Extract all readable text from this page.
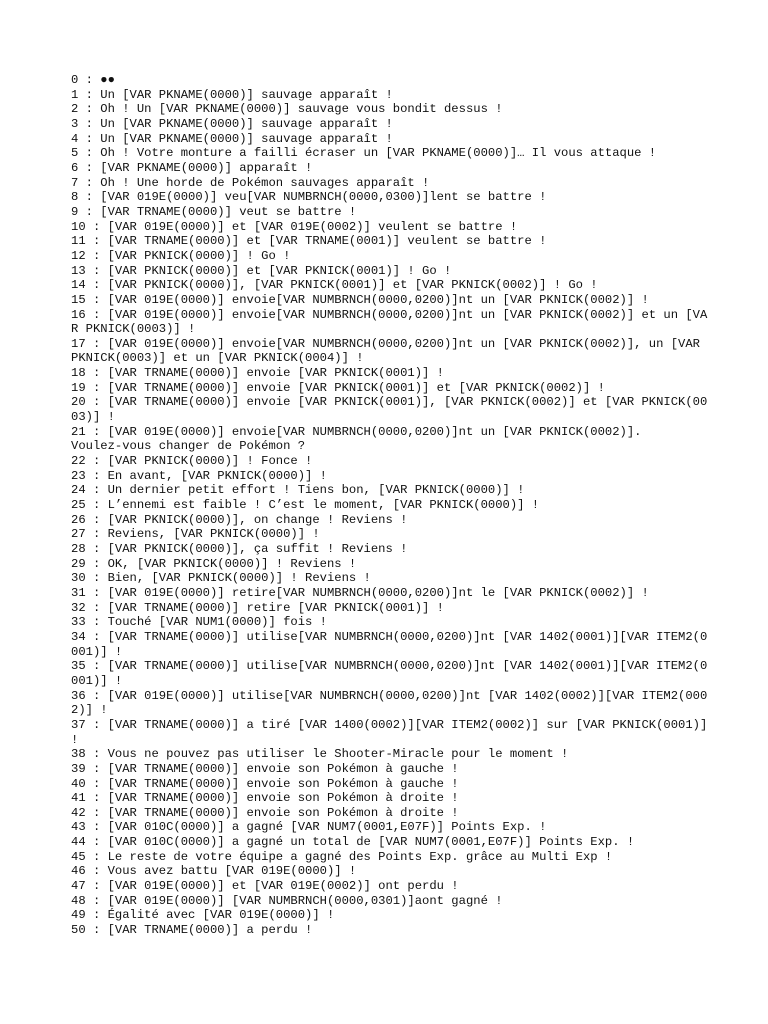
0 : ●●
1 : Un [VAR PKNAME(0000)] sauvage apparaît !
2 : Oh ! Un [VAR PKNAME(0000)] sauvage vous bondit dessus !
3 : Un [VAR PKNAME(0000)] sauvage apparaît !
4 : Un [VAR PKNAME(0000)] sauvage apparaît !
5 : Oh ! Votre monture a failli écraser un [VAR PKNAME(0000)]… Il vous attaque !
6 : [VAR PKNAME(0000)] apparaît !
7 : Oh ! Une horde de Pokémon sauvages apparaît !
8 : [VAR 019E(0000)] veu[VAR NUMBRNCH(0000,0300)]lent se battre !
9 : [VAR TRNAME(0000)] veut se battre !
10 : [VAR 019E(0000)] et [VAR 019E(0002)] veulent se battre !
11 : [VAR TRNAME(0000)] et [VAR TRNAME(0001)] veulent se battre !
12 : [VAR PKNICK(0000)] ! Go !
13 : [VAR PKNICK(0000)] et [VAR PKNICK(0001)] ! Go !
14 : [VAR PKNICK(0000)], [VAR PKNICK(0001)] et [VAR PKNICK(0002)] ! Go !
15 : [VAR 019E(0000)] envoie[VAR NUMBRNCH(0000,0200)]nt un [VAR PKNICK(0002)] !
16 : [VAR 019E(0000)] envoie[VAR NUMBRNCH(0000,0200)]nt un [VAR PKNICK(0002)] et un [VAR PKNICK(0003)] !
17 : [VAR 019E(0000)] envoie[VAR NUMBRNCH(0000,0200)]nt un [VAR PKNICK(0002)], un [VAR PKNICK(0003)] et un [VAR PKNICK(0004)] !
18 : [VAR TRNAME(0000)] envoie [VAR PKNICK(0001)] !
19 : [VAR TRNAME(0000)] envoie [VAR PKNICK(0001)] et [VAR PKNICK(0002)] !
20 : [VAR TRNAME(0000)] envoie [VAR PKNICK(0001)], [VAR PKNICK(0002)] et [VAR PKNICK(0003)] !
21 : [VAR 019E(0000)] envoie[VAR NUMBRNCH(0000,0200)]nt un [VAR PKNICK(0002)].
Voulez-vous changer de Pokémon ?
22 : [VAR PKNICK(0000)] ! Fonce !
23 : En avant, [VAR PKNICK(0000)] !
24 : Un dernier petit effort ! Tiens bon, [VAR PKNICK(0000)] !
25 : L’ennemi est faible ! C’est le moment, [VAR PKNICK(0000)] !
26 : [VAR PKNICK(0000)], on change ! Reviens !
27 : Reviens, [VAR PKNICK(0000)] !
28 : [VAR PKNICK(0000)], ça suffit ! Reviens !
29 : OK, [VAR PKNICK(0000)] ! Reviens !
30 : Bien, [VAR PKNICK(0000)] ! Reviens !
31 : [VAR 019E(0000)] retire[VAR NUMBRNCH(0000,0200)]nt le [VAR PKNICK(0002)] !
32 : [VAR TRNAME(0000)] retire [VAR PKNICK(0001)] !
33 : Touché [VAR NUM1(0000)] fois !
34 : [VAR TRNAME(0000)] utilise[VAR NUMBRNCH(0000,0200)]nt [VAR 1402(0001)][VAR ITEM2(0001)] !
35 : [VAR TRNAME(0000)] utilise[VAR NUMBRNCH(0000,0200)]nt [VAR 1402(0001)][VAR ITEM2(0001)] !
36 : [VAR 019E(0000)] utilise[VAR NUMBRNCH(0000,0200)]nt [VAR 1402(0002)][VAR ITEM2(0002)] !
37 : [VAR TRNAME(0000)] a tiré [VAR 1400(0002)][VAR ITEM2(0002)] sur [VAR PKNICK(0001)] !
38 : Vous ne pouvez pas utiliser le Shooter-Miracle pour le moment !
39 : [VAR TRNAME(0000)] envoie son Pokémon à gauche !
40 : [VAR TRNAME(0000)] envoie son Pokémon à gauche !
41 : [VAR TRNAME(0000)] envoie son Pokémon à droite !
42 : [VAR TRNAME(0000)] envoie son Pokémon à droite !
43 : [VAR 010C(0000)] a gagné [VAR NUM7(0001,E07F)] Points Exp. !
44 : [VAR 010C(0000)] a gagné un total de [VAR NUM7(0001,E07F)] Points Exp. !
45 : Le reste de votre équipe a gagné des Points Exp. grâce au Multi Exp !
46 : Vous avez battu [VAR 019E(0000)] !
47 : [VAR 019E(0000)] et [VAR 019E(0002)] ont perdu !
48 : [VAR 019E(0000)] [VAR NUMBRNCH(0000,0301)]aont gagné !
49 : Égalité avec [VAR 019E(0000)] !
50 : [VAR TRNAME(0000)] a perdu !
